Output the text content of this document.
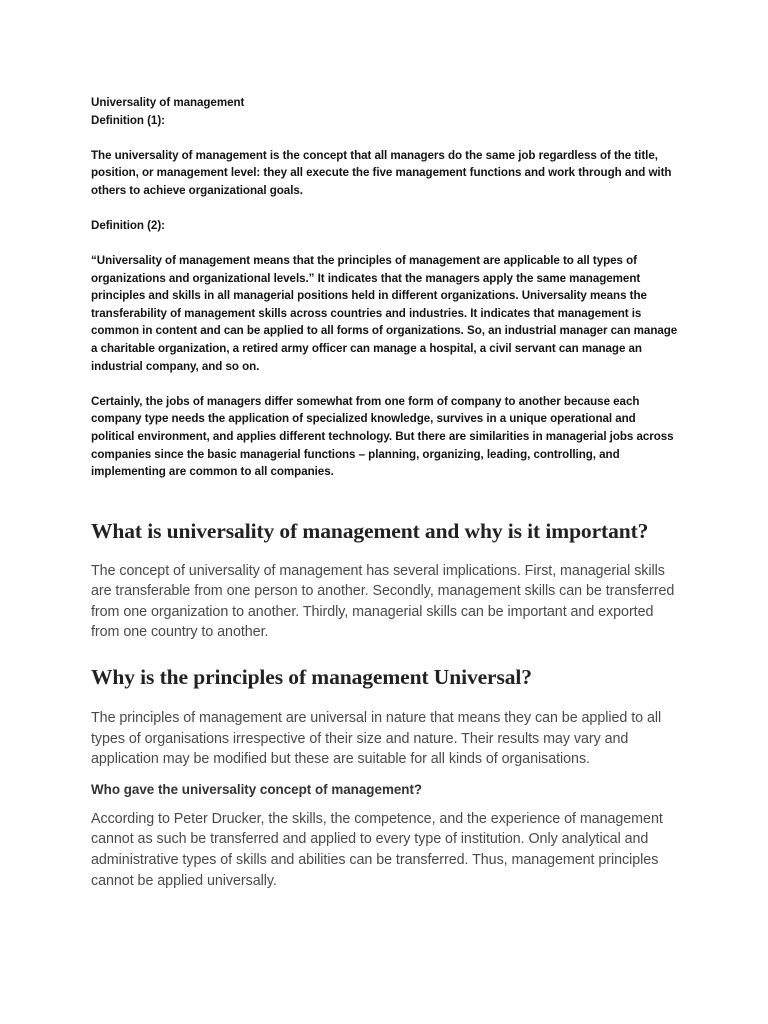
Universality of management

Definition (1):

The universality of management is the concept that all managers do the same job regardless of the title, position, or management level: they all execute the five management functions and work through and with others to achieve organizational goals.

Definition (2):

“Universality of management means that the principles of management are applicable to all types of organizations and organizational levels.” It indicates that the managers apply the same management principles and skills in all managerial positions held in different organizations. Universality means the transferability of management skills across countries and industries. It indicates that management is common in content and can be applied to all forms of organizations. So, an industrial manager can manage a charitable organization, a retired army officer can manage a hospital, a civil servant can manage an industrial company, and so on.

Certainly, the jobs of managers differ somewhat from one form of company to another because each company type needs the application of specialized knowledge, survives in a unique operational and political environment, and applies different technology. But there are similarities in managerial jobs across companies since the basic managerial functions – planning, organizing, leading, controlling, and implementing are common to all companies.

What is universality of management and why is it important?

The concept of universality of management has several implications. First, managerial skills are transferable from one person to another. Secondly, management skills can be transferred from one organization to another. Thirdly, managerial skills can be important and exported from one country to another.

Why is the principles of management Universal?

The principles of management are universal in nature that means they can be applied to all types of organisations irrespective of their size and nature. Their results may vary and application may be modified but these are suitable for all kinds of organisations.

Who gave the universality concept of management?

According to Peter Drucker, the skills, the competence, and the experience of management cannot as such be transferred and applied to every type of institution. Only analytical and administrative types of skills and abilities can be transferred. Thus, management principles cannot be applied universally.
